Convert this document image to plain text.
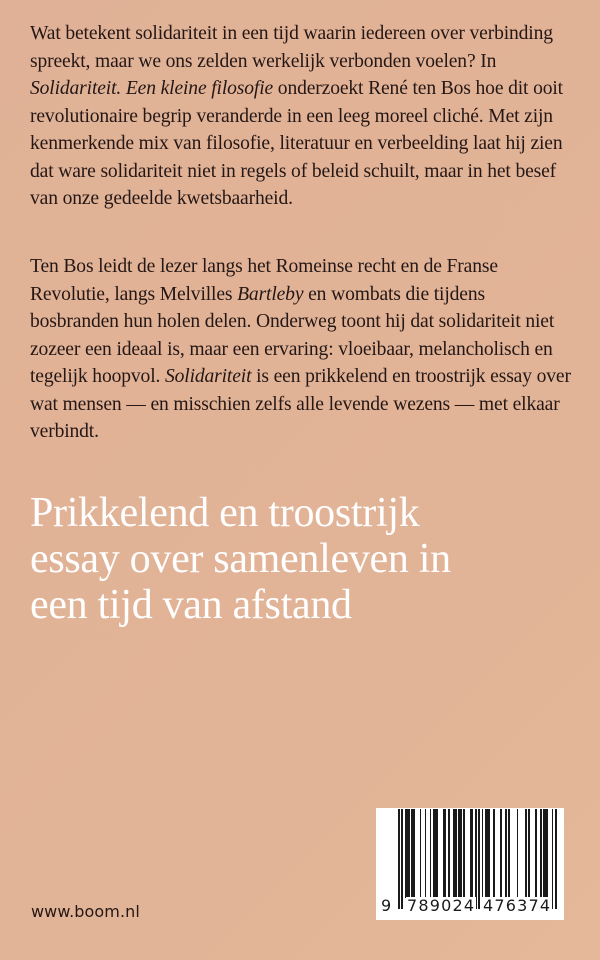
Wat betekent solidariteit in een tijd waarin iedereen over verbinding spreekt, maar we ons zelden werkelijk verbonden voelen? In Solidariteit. Een kleine filosofie onderzoekt René ten Bos hoe dit ooit revolutionaire begrip veranderde in een leeg moreel cliché. Met zijn kenmerkende mix van filosofie, literatuur en verbeelding laat hij zien dat ware solidariteit niet in regels of beleid schuilt, maar in het besef van onze gedeelde kwetsbaarheid.

Ten Bos leidt de lezer langs het Romeinse recht en de Franse Revolutie, langs Melvilles Bartleby en wombats die tijdens bosbranden hun holen delen. Onderweg toont hij dat solidariteit niet zozeer een ideaal is, maar een ervaring: vloeibaar, melancholisch en tegelijk hoopvol. Solidariteit is een prikkelend en troostrijk essay over wat mensen — en misschien zelfs alle levende wezens — met elkaar verbindt.

Prikkelend en troostrijk
essay over samenleven in
een tijd van afstand
9 789024 476374
www.boom.nl
